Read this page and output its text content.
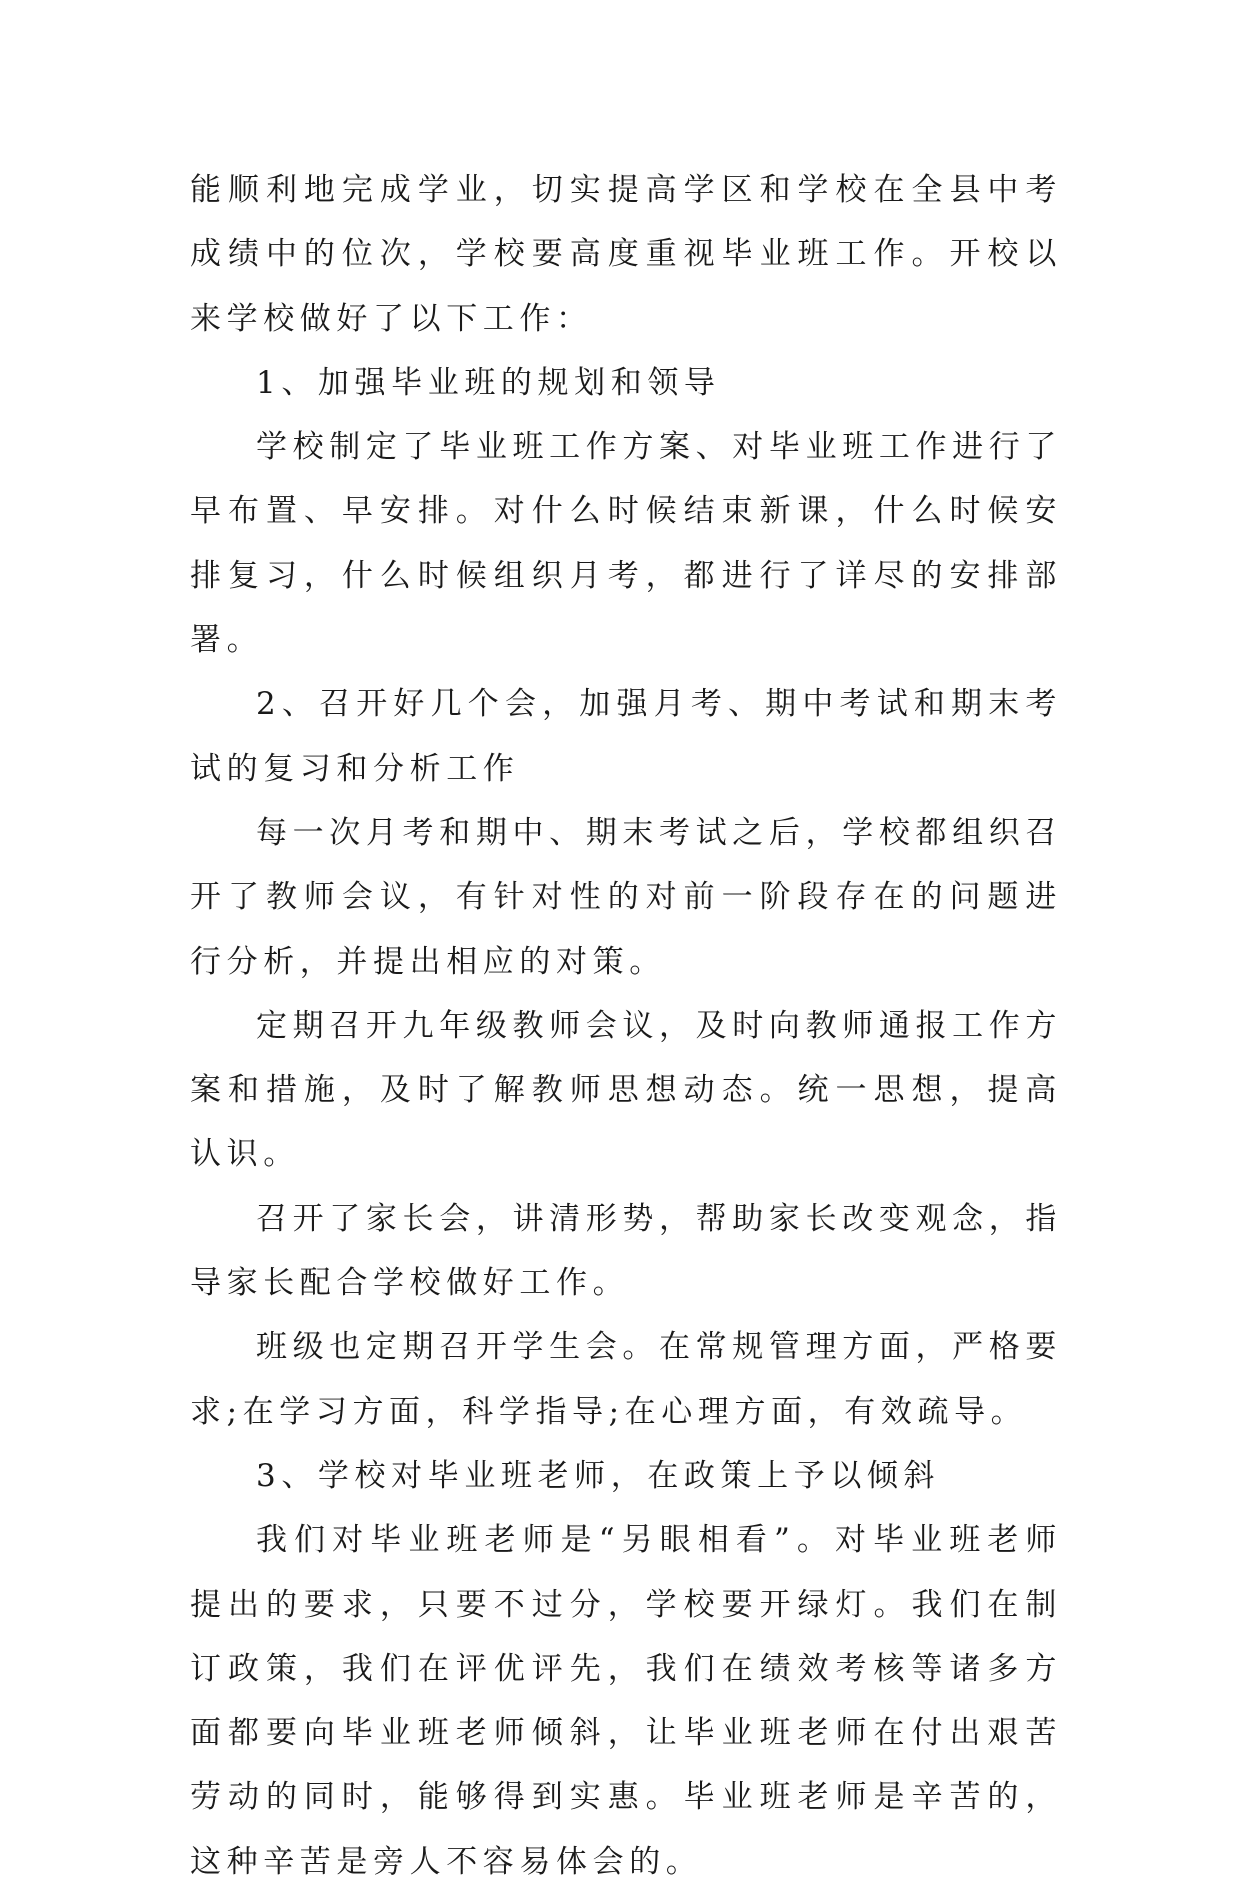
能顺利地完成学业，切实提高学区和学校在全县中考成绩中的位次，学校要高度重视毕业班工作。开校以来学校做好了以下工作：

1、加强毕业班的规划和领导

学校制定了毕业班工作方案、对毕业班工作进行了早布置、早安排。对什么时候结束新课，什么时候安排复习，什么时候组织月考，都进行了详尽的安排部署。

2、召开好几个会，加强月考、期中考试和期末考试的复习和分析工作

每一次月考和期中、期末考试之后，学校都组织召开了教师会议，有针对性的对前一阶段存在的问题进行分析，并提出相应的对策。

定期召开九年级教师会议，及时向教师通报工作方案和措施，及时了解教师思想动态。统一思想，提高认识。

召开了家长会，讲清形势，帮助家长改变观念，指导家长配合学校做好工作。

班级也定期召开学生会。在常规管理方面，严格要求;在学习方面，科学指导;在心理方面，有效疏导。

3、学校对毕业班老师，在政策上予以倾斜

我们对毕业班老师是“另眼相看”。对毕业班老师提出的要求，只要不过分，学校要开绿灯。我们在制订政策，我们在评优评先，我们在绩效考核等诸多方面都要向毕业班老师倾斜，让毕业班老师在付出艰苦劳动的同时，能够得到实惠。毕业班老师是辛苦的，这种辛苦是旁人不容易体会的。
